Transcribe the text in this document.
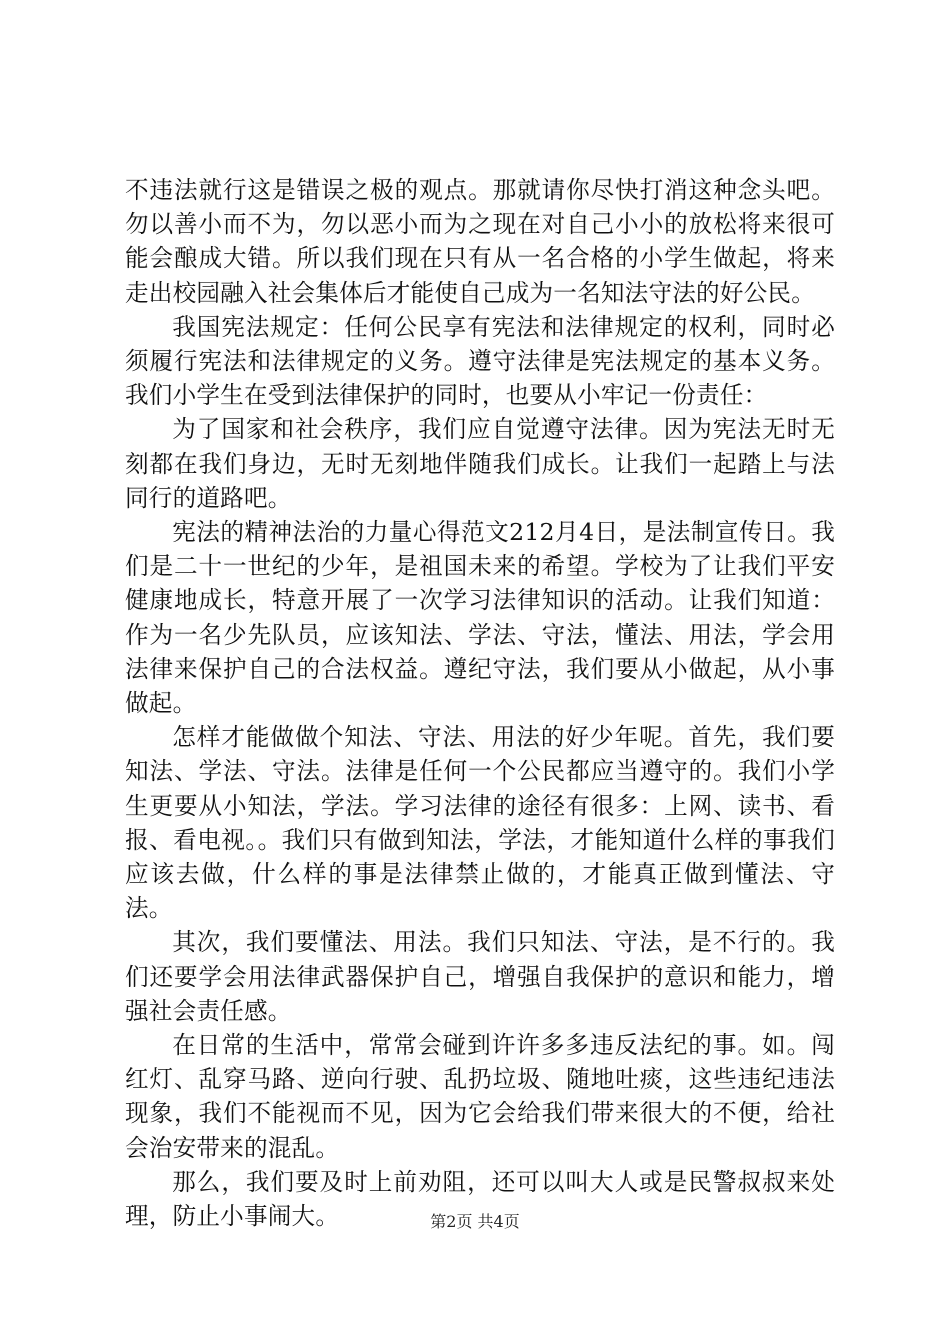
不违法就行这是错误之极的观点。那就请你尽快打消这种念头吧。勿以善小而不为，勿以恶小而为之现在对自己小小的放松将来很可能会酿成大错。所以我们现在只有从一名合格的小学生做起，将来走出校园融入社会集体后才能使自己成为一名知法守法的好公民。

我国宪法规定：任何公民享有宪法和法律规定的权利，同时必须履行宪法和法律规定的义务。遵守法律是宪法规定的基本义务。我们小学生在受到法律保护的同时，也要从小牢记一份责任：

为了国家和社会秩序，我们应自觉遵守法律。因为宪法无时无刻都在我们身边，无时无刻地伴随我们成长。让我们一起踏上与法同行的道路吧。

宪法的精神法治的力量心得范文212月4日，是法制宣传日。我们是二十一世纪的少年，是祖国未来的希望。学校为了让我们平安健康地成长，特意开展了一次学习法律知识的活动。让我们知道：作为一名少先队员，应该知法、学法、守法，懂法、用法，学会用法律来保护自己的合法权益。遵纪守法，我们要从小做起，从小事做起。

怎样才能做做个知法、守法、用法的好少年呢。首先，我们要知法、学法、守法。法律是任何一个公民都应当遵守的。我们小学生更要从小知法，学法。学习法律的途径有很多：上网、读书、看报、看电视。。我们只有做到知法，学法，才能知道什么样的事我们应该去做，什么样的事是法律禁止做的，才能真正做到懂法、守法。

其次，我们要懂法、用法。我们只知法、守法，是不行的。我们还要学会用法律武器保护自己，增强自我保护的意识和能力，增强社会责任感。

在日常的生活中，常常会碰到许许多多违反法纪的事。如。闯红灯、乱穿马路、逆向行驶、乱扔垃圾、随地吐痰，这些违纪违法现象，我们不能视而不见，因为它会给我们带来很大的不便，给社会治安带来的混乱。

那么，我们要及时上前劝阻，还可以叫大人或是民警叔叔来处理，防止小事闹大。	第2页 共4页
